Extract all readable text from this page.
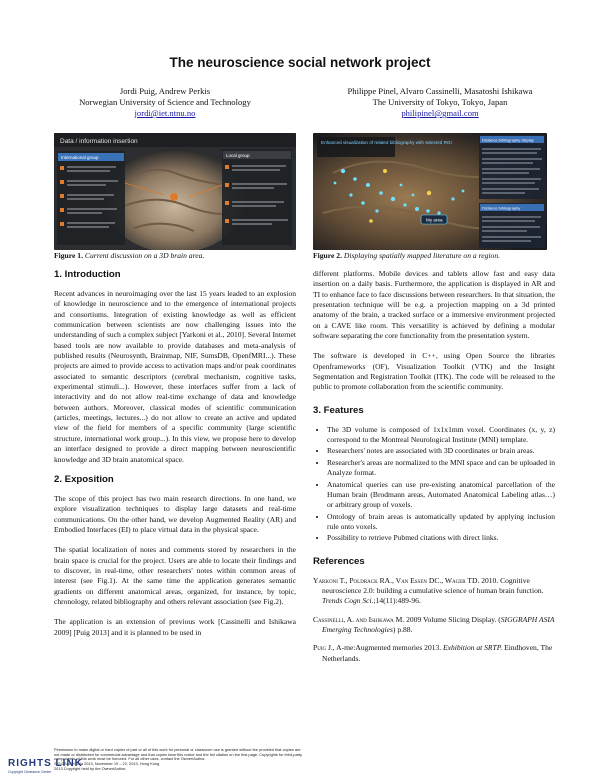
The neuroscience social network project
Jordi Puig, Andrew Perkis
Norwegian University of Science and Technology
jordi@iet.ntnu.no
Philippe Pinel, Alvaro Cassinelli, Masatoshi Ishikawa
The University of Tokyo, Tokyo, Japan
philipinel@gmail.com
Data / information insertion
International group	Local group
Figure 1. Current discussion on a 3D brain area.
Enhanced visualization of related bibliography with selected ROI
My area
Distance bibliography display
Distance bibliography
Figure 2. Displaying spatially mapped literature on a region.
1. Introduction
Recent advances in neuroimaging over the last 15 years leaded to an explosion of knowledge in neuroscience and to the emergence of international projects and consortiums. Integration of existing knowledge as well as efficient communication between scientists are now challenging issues into the understanding of such a complex subject [Yarkoni et al., 2010]. Several Internet based tools are now available to provide databases and meta-analysis of published results (Neurosynth, Brainmap, NIF, SumsDB, OpenfMRI...). These projects are aimed to provide access to activation maps and/or peak coordinates associated to semantic descriptors (cerebral mechanism, cognitive tasks, experimental stimuli...). However, these interfaces suffer from a lack of interactivity and do not allow real-time exchange of data and knowledge between authors. Moreover, classical modes of scientific communication (articles, meetings, lectures...) do not allow to create an active and updated view of the field for members of a specific community (large scientific structure, international work group...). In this view, we propose here to develop an interface designed to provide a direct mapping between neuroscientific knowledge and 3D brain anatomical space.
2. Exposition
The scope of this project has two main research directions. In one hand, we explore visualization techniques to display large datasets and real-time communications. On the other hand, we develop Augmented Reality (AR) and Embodied Interfaces (EI) to place virtual data in the physical space.
The spatial localization of notes and comments stored by researchers in the brain space is crucial for the project. Users are able to locate their findings and to discover, in real-time, other researchers' notes within common areas of interest (see Fig.1). At the same time the application generates semantic gradients on different anatomical areas, organized, for instance, by topic, chronology, related bibliography and others relevant association (see Fig.2).
The application is an extension of previous work [Cassinelli and Ishikawa 2009] [Puig 2013] and it is planned to be used in
different platforms. Mobile devices and tablets allow fast and easy data insertion on a daily basis. Furthermore, the application is displayed in AR and TI to enhance face to face discussions between researchers. In that situation, the presentation technique will be e.g. a projection mapping on a 3d printed anatomy of the brain, a tracked surface or a immersive environment projected on a CAVE like room. This versatility is achieved by defining a modular software separating the core functionality from the presentation system.
The software is developed in C++, using Open Source the libraries Openframeworks (OF), Visualization Toolkit (VTK) and the Insight Segmentation and Registration Toolkit (ITK). The code will be released to the public to promote collaboration from the scientific community.
3. Features
• The 3D volume is composed of 1x1x1mm voxel. Coordinates (x, y, z) correspond to the Montreal Neurological Institute (MNI) template.
• Researchers' notes are associated with 3D coordinates or brain areas.
• Researcher's areas are normalized to the MNI space and can be uploaded in Analyze format.
• Anatomical queries can use pre-existing anatomical parcellation of the Human brain (Brodmann areas, Automated Anatomical Labeling atlas…) or arbitrary group of voxels.
• Ontology of brain areas is automatically updated by applying inclusion rule onto voxels.
• Possibility to retrieve Pubmed citations with direct links.
References
Yarkoni T., Poldrack RA., Van Essen DC., Wager TD. 2010. Cognitive neuroscience 2.0: building a cumulative science of human brain function. Trends Cogn Sci.;14(11):489-96.
Cassinelli, A. and Ishikawa M. 2009 Volume Slicing Display. (SIGGRAPH ASIA Emerging Technologies) p.88.
Puig J., A-me:Augmented memories 2013. Exhibition at SRTP. Eindhoven, The Netherlands.
Permission to make digital or hard copies of part or all of this work for personal or classroom use is granted without fee provided that copies are not made or distributed for commercial advantage and that copies bear this notice and the full citation on the first page. Copyrights for third-party components of this work must be honored. For all other uses, contact the Owner/Author.
SIGGRAPH Asia 2013, November 19 – 22, 2013, Hong Kong
2013 Copyright held by the Owner/Author.
RIGHTS LINK
Copyright Clearance Center
